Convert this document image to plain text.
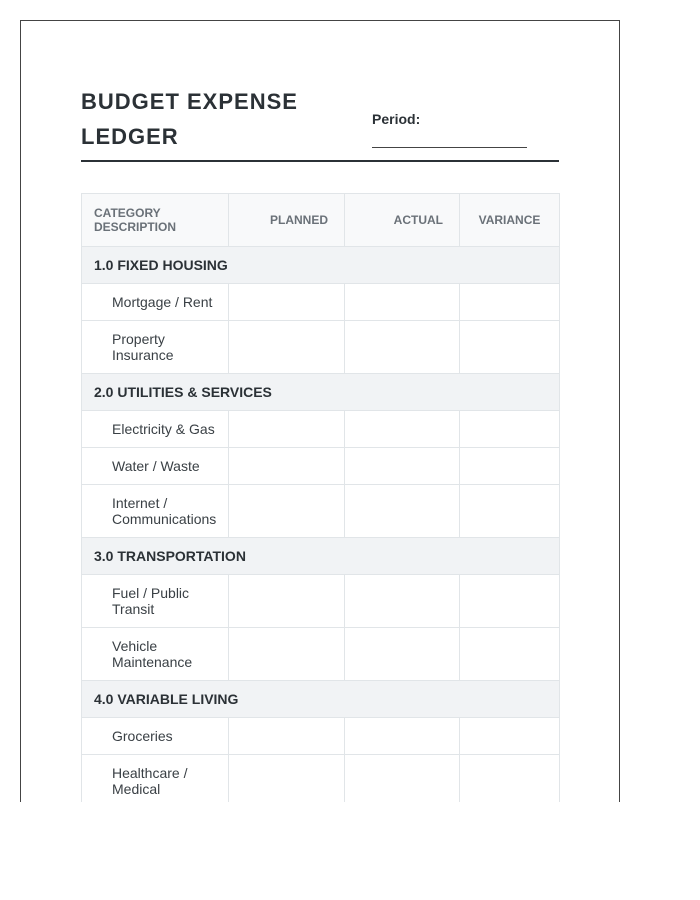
BUDGET EXPENSE LEDGER
Period:
CATEGORY DESCRIPTION	PLANNED	ACTUAL	VARIANCE
1.0 FIXED HOUSING			
Mortgage / Rent			
Property Insurance			
2.0 UTILITIES & SERVICES			
Electricity & Gas			
Water / Waste			
Internet / Communications			
3.0 TRANSPORTATION			
Fuel / Public Transit			
Vehicle Maintenance			
4.0 VARIABLE LIVING			
Groceries			
Healthcare / Medical			
